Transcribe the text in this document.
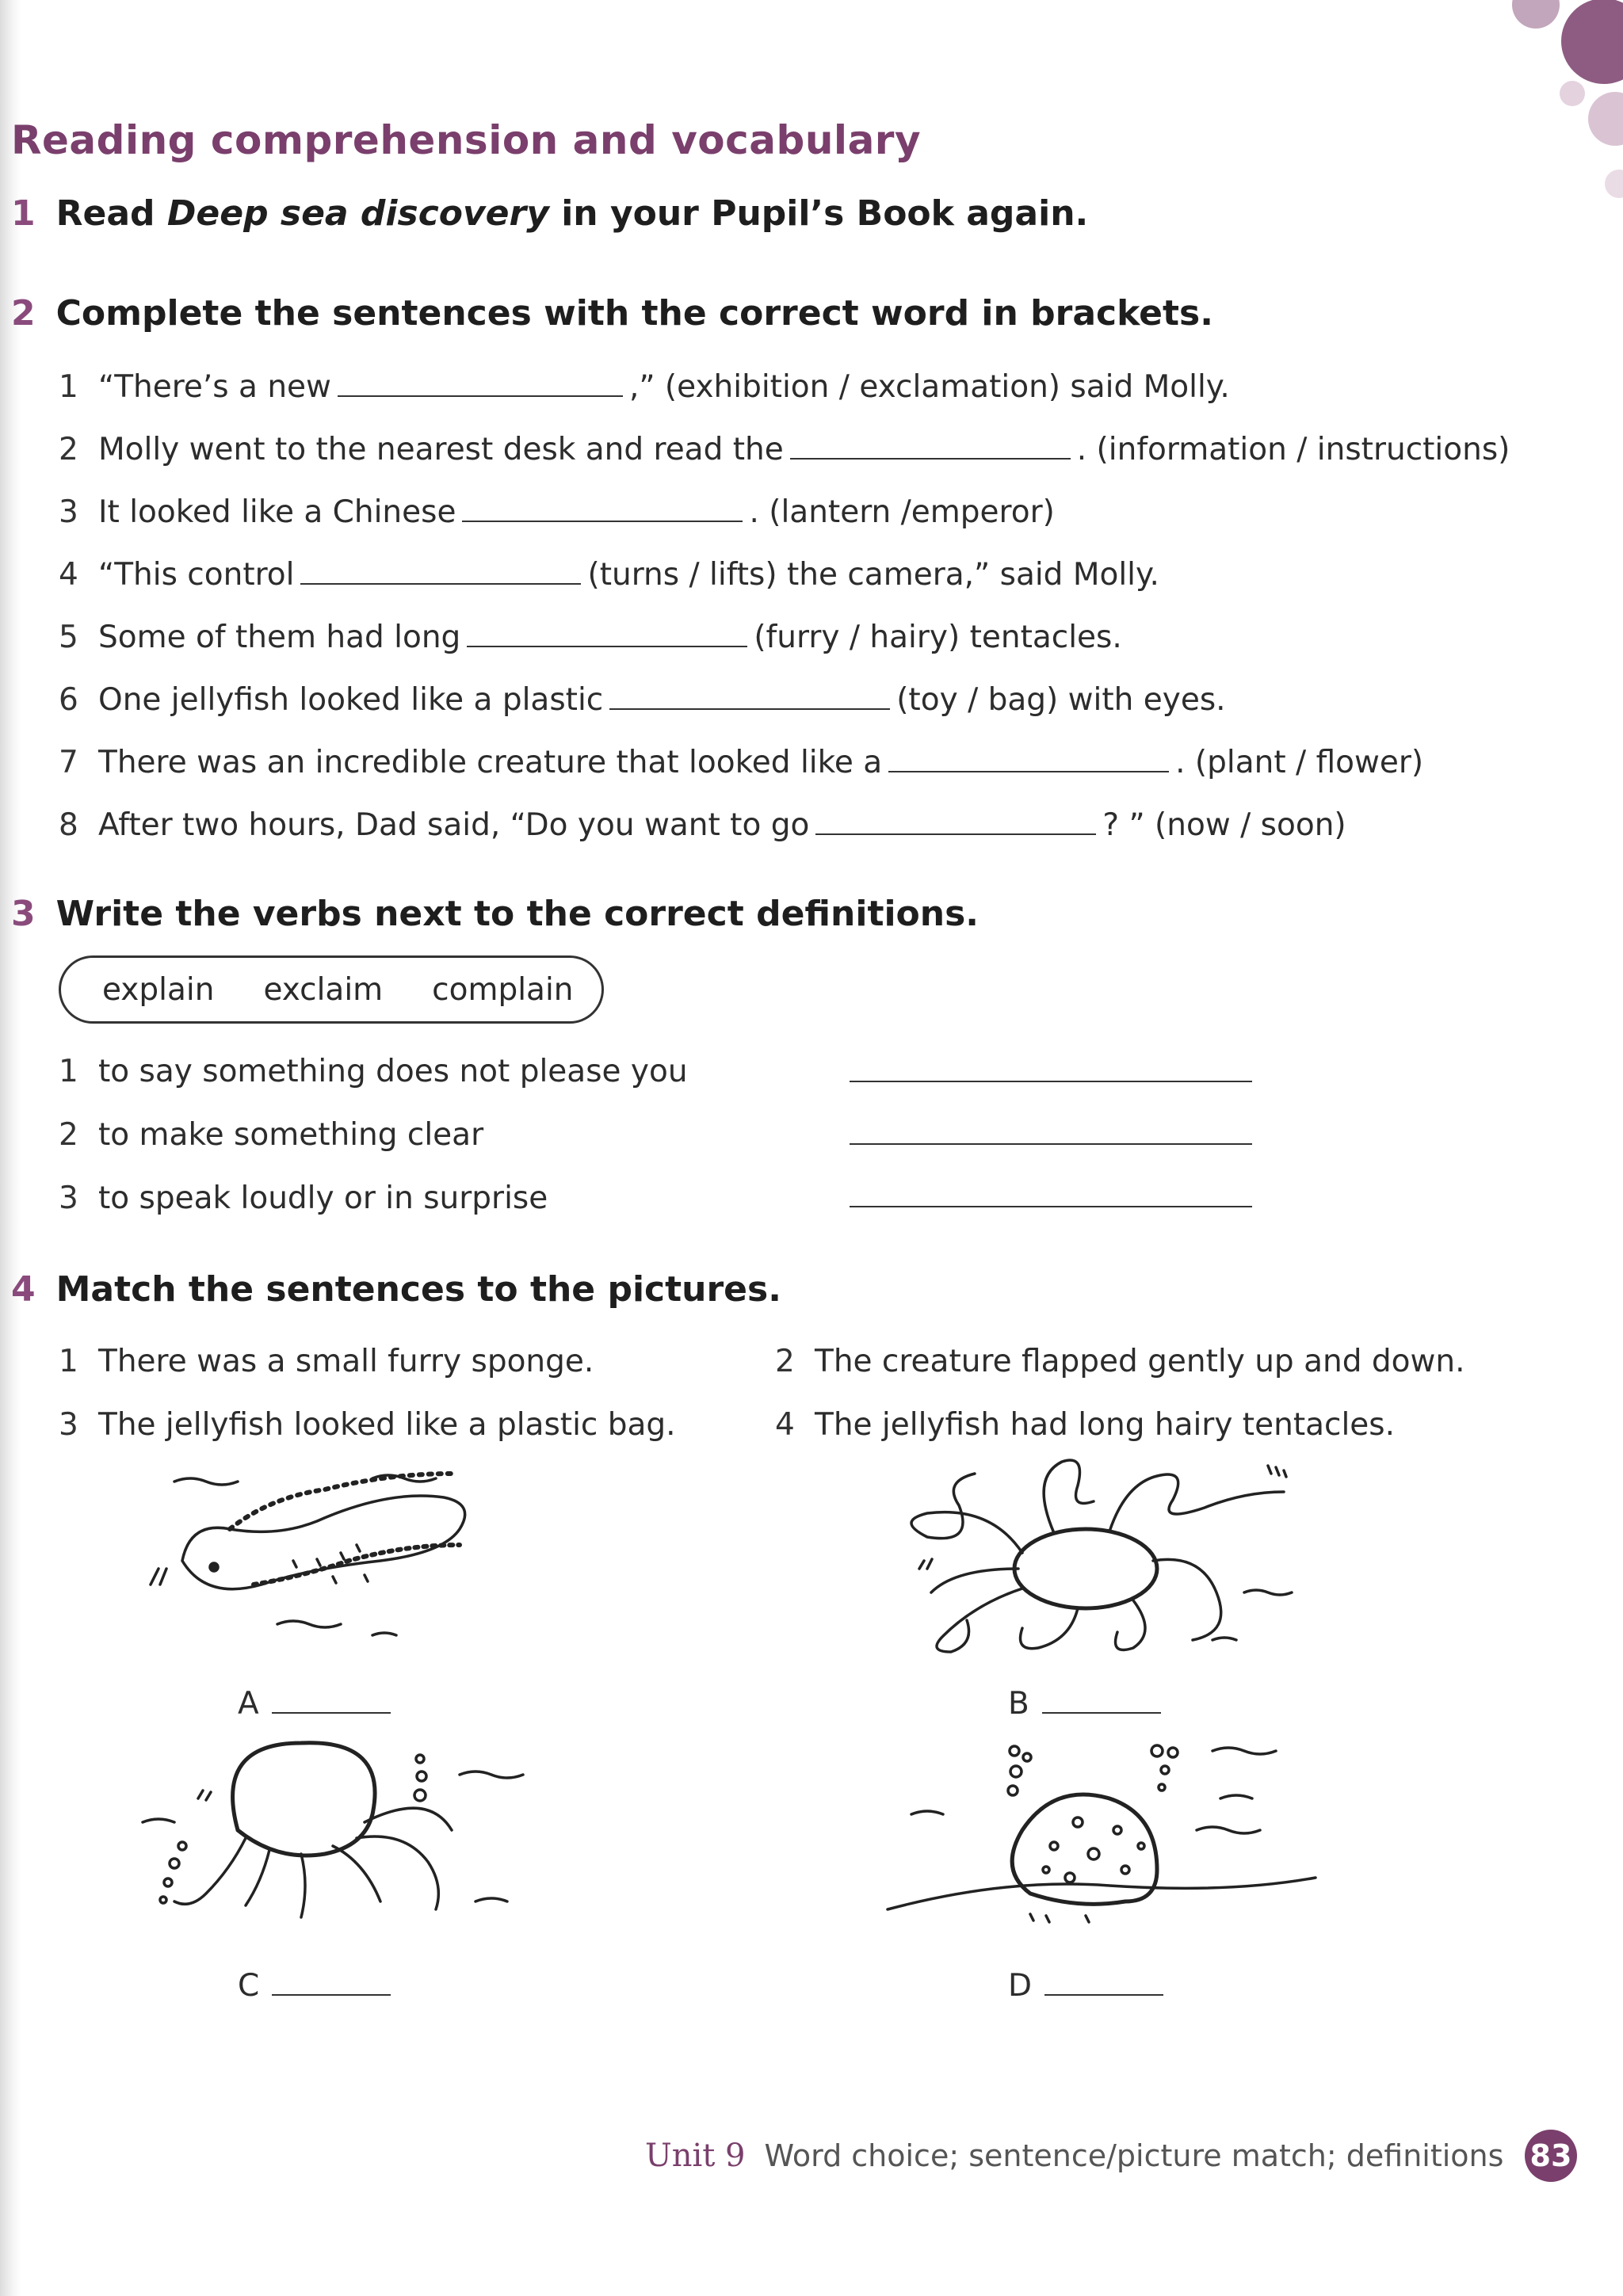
Reading comprehension and vocabulary
1 Read Deep sea discovery in your Pupil’s Book again.
2 Complete the sentences with the correct word in brackets.
1 “There’s a new	,” (exhibition / exclamation) said Molly.
2 Molly went to the nearest desk and read the	. (information / instructions)
3 It looked like a Chinese	. (lantern /emperor)
4 “This control	(turns / lifts) the camera,” said Molly.
5 Some of them had long	(furry / hairy) tentacles.
6 One jellyfish looked like a plastic	(toy / bag) with eyes.
7 There was an incredible creature that looked like a	. (plant / flower)
8 After two hours, Dad said, “Do you want to go	? ” (now / soon)
3 Write the verbs next to the correct definitions.
explain exclaim complain
1 to say something does not please you
2 to make something clear
3 to speak loudly or in surprise
4 Match the sentences to the pictures.
1 There was a small furry sponge.	2 The creature flapped gently up and down.
3 The jellyfish looked like a plastic bag.	4 The jellyfish had long hairy tentacles.
A	B
C	D
Unit 9 Word choice; sentence/picture match; definitions 83
